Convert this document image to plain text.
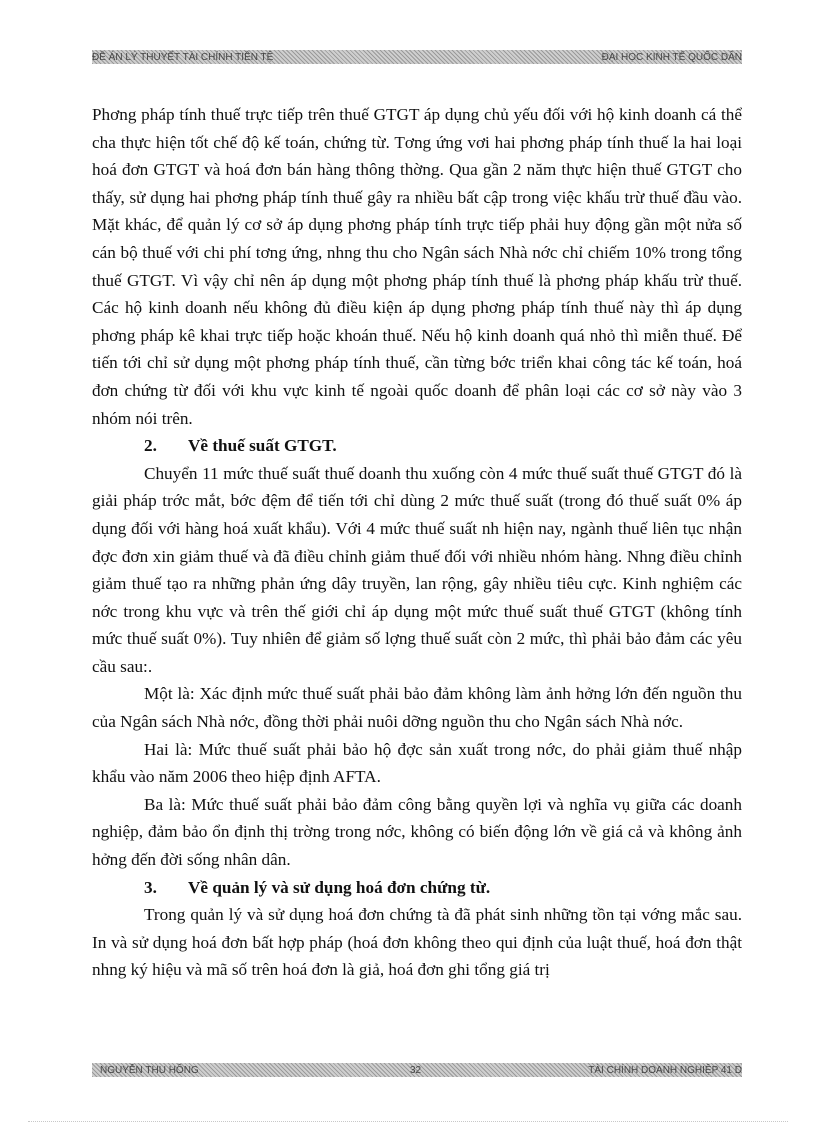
ĐỀ ÁN LÝ THUYẾT TÀI CHÍNH TIỀN TỆ	ĐẠI HỌC KINH TẾ QUỐC DÂN

Phơng pháp tính thuế trực tiếp trên thuế GTGT áp dụng chủ yếu đối với hộ kinh doanh cá thể cha thực hiện tốt chế độ kế toán, chứng từ. Tơng ứng vơi hai phơng pháp tính thuế la hai loại hoá đơn GTGT và hoá đơn bán hàng thông thờng. Qua gần 2 năm thực hiện thuế GTGT cho thấy, sử dụng hai phơng pháp tính thuế gây ra nhiều bất cập trong việc khấu trừ thuế đầu vào. Mặt khác, để quản lý cơ sở áp dụng phơng pháp tính trực tiếp phải huy động gần một nửa số cán bộ thuế với chi phí tơng ứng, nhng thu cho Ngân sách Nhà nớc chỉ chiếm 10% trong tổng thuế GTGT. Vì vậy chỉ nên áp dụng một phơng pháp tính thuế là phơng pháp khấu trừ thuế. Các hộ kinh doanh nếu không đủ điều kiện áp dụng phơng pháp tính thuế này thì áp dụng phơng pháp kê khai trực tiếp hoặc khoán thuế. Nếu hộ kinh doanh quá nhỏ thì miễn thuế. Để tiến tới chỉ sử dụng một phơng pháp tính thuế, cần từng bớc triển khai công tác kế toán, hoá đơn chứng từ đối với khu vực kinh tế ngoài quốc doanh để phân loại các cơ sở này vào 3 nhóm nói trên.

2. Về thuế suất GTGT.

Chuyển 11 mức thuế suất thuế doanh thu xuống còn 4 mức thuế suất thuế GTGT đó là giải pháp trớc mắt, bớc đệm để tiến tới chỉ dùng 2 mức thuế suất (trong đó thuế suất 0% áp dụng đối với hàng hoá xuất khẩu). Với 4 mức thuế suất nh hiện nay, ngành thuế liên tục nhận đợc đơn xin giảm thuế và đã điều chỉnh giảm thuế đối với nhiều nhóm hàng. Nhng điều chỉnh giảm thuế tạo ra những phản ứng dây truyền, lan rộng, gây nhiều tiêu cực. Kinh nghiệm các nớc trong khu vực và trên thế giới chỉ áp dụng một mức thuế suất thuế GTGT (không tính mức thuế suất 0%). Tuy nhiên để giảm số lợng thuế suất còn 2 mức, thì phải bảo đảm các yêu cầu sau:.

Một là: Xác định mức thuế suất phải bảo đảm không làm ảnh hởng lớn đến nguồn thu của Ngân sách Nhà nớc, đồng thời phải nuôi dỡng nguồn thu cho Ngân sách Nhà nớc.

Hai là: Mức thuế suất phải bảo hộ đợc sản xuất trong nớc, do phải giảm thuế nhập khẩu vào năm 2006 theo hiệp định AFTA.

Ba là: Mức thuế suất phải bảo đảm công bằng quyền lợi và nghĩa vụ giữa các doanh nghiệp, đảm bảo ổn định thị trờng trong nớc, không có biến động lớn về giá cả và không ảnh hởng đến đời sống nhân dân.

3. Về quản lý và sử dụng hoá đơn chứng từ.

Trong quản lý và sử dụng hoá đơn chứng tà đã phát sinh những tồn tại vớng mắc sau. In và sử dụng hoá đơn bất hợp pháp (hoá đơn không theo qui định của luật thuế, hoá đơn thật nhng ký hiệu và mã số trên hoá đơn là giả, hoá đơn ghi tổng giá trị

NGUYỄN THU HỒNG	32	TÀI CHÍNH DOANH NGHIỆP 41 D
